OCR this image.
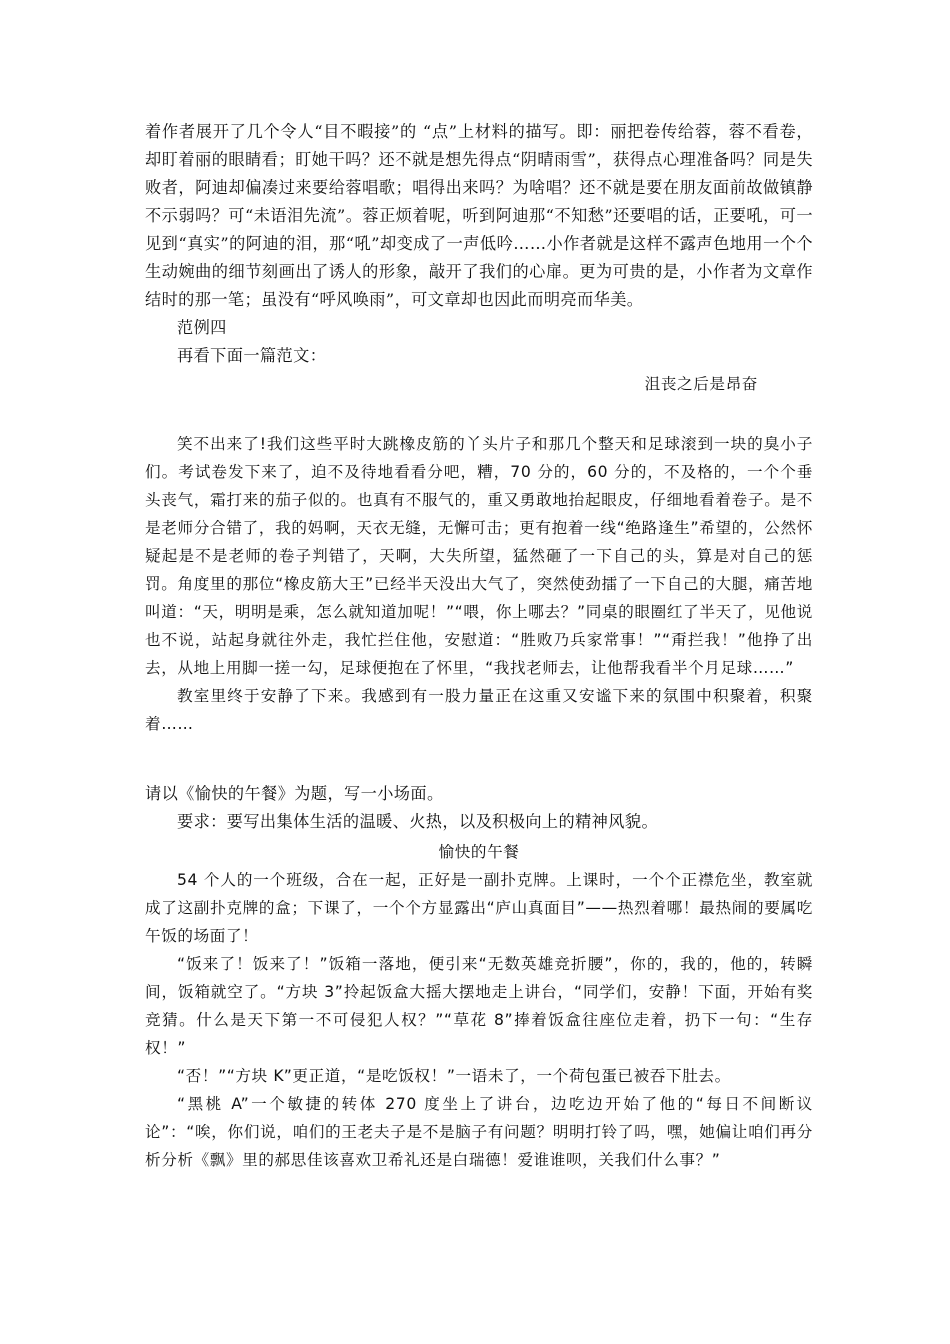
着作者展开了几个令人“目不暇接”的 “点”上材料的描写。即：丽把卷传给蓉，蓉不看卷，却盯着丽的眼睛看；盯她干吗？还不就是想先得点“阴晴雨雪”，获得点心理准备吗？同是失败者，阿迪却偏凑过来要给蓉唱歌；唱得出来吗？为啥唱？还不就是要在朋友面前故做镇静不示弱吗？可“未语泪先流”。蓉正烦着呢，听到阿迪那“不知愁”还要唱的话，正要吼，可一见到“真实”的阿迪的泪，那“吼”却变成了一声低吟……小作者就是这样不露声色地用一个个生动婉曲的细节刻画出了诱人的形象，敲开了我们的心扉。更为可贵的是，小作者为文章作结时的那一笔；虽没有“呼风唤雨”，可文章却也因此而明亮而华美。

范例四

再看下面一篇范文：

沮丧之后是昂奋

笑不出来了!我们这些平时大跳橡皮筋的丫头片子和那几个整天和足球滚到一块的臭小子们。考试卷发下来了，迫不及待地看看分吧，糟，70 分的，60 分的，不及格的，一个个垂头丧气，霜打来的茄子似的。也真有不服气的，重又勇敢地抬起眼皮，仔细地看着卷子。是不是老师分合错了，我的妈啊，天衣无缝，无懈可击；更有抱着一线“绝路逢生”希望的，公然怀疑起是不是老师的卷子判错了，天啊，大失所望，猛然砸了一下自己的头，算是对自己的惩罚。角度里的那位“橡皮筋大王”已经半天没出大气了，突然使劲擂了一下自己的大腿，痛苦地叫道：“天，明明是乘，怎么就知道加呢！”“喂，你上哪去？”同桌的眼圈红了半天了，见他说也不说，站起身就往外走，我忙拦住他，安慰道：“胜败乃兵家常事！”“甭拦我！”他挣了出去，从地上用脚一搓一勾，足球便抱在了怀里，“我找老师去，让他帮我看半个月足球……”

教室里终于安静了下来。我感到有一股力量正在这重又安谧下来的氛围中积聚着，积聚着……

请以《愉快的午餐》为题，写一小场面。

要求：要写出集体生活的温暖、火热，以及积极向上的精神风貌。

愉快的午餐

54 个人的一个班级，合在一起，正好是一副扑克牌。上课时，一个个正襟危坐，教室就成了这副扑克牌的盒；下课了，一个个方显露出“庐山真面目”——热烈着哪！最热闹的要属吃午饭的场面了！

“饭来了！饭来了！”饭箱一落地，便引来“无数英雄竞折腰”，你的，我的，他的，转瞬间，饭箱就空了。“方块 3”拎起饭盒大摇大摆地走上讲台，“同学们，安静！下面，开始有奖竞猜。什么是天下第一不可侵犯人权？”“草花 8”捧着饭盒往座位走着，扔下一句：“生存权！”

“否！”“方块 K”更正道，“是吃饭权！”一语未了，一个荷包蛋已被吞下肚去。

“黑桃 A”一个敏捷的转体 270 度坐上了讲台，边吃边开始了他的“每日不间断议论”：“唉，你们说，咱们的王老夫子是不是脑子有问题？明明打铃了吗，嘿，她偏让咱们再分析分析《飘》里的郝思佳该喜欢卫希礼还是白瑞德！爱谁谁呗，关我们什么事？”
